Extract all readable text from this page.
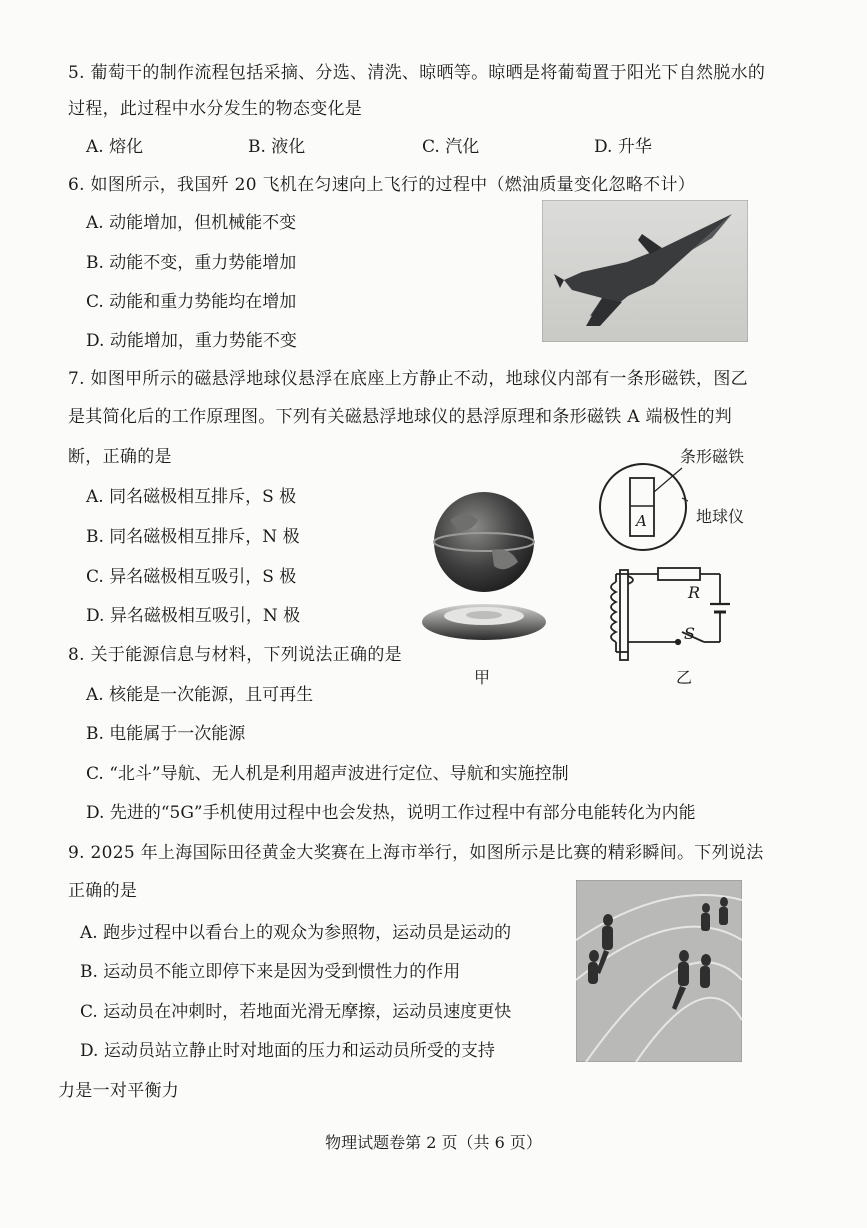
5. 葡萄干的制作流程包括采摘、分选、清洗、晾晒等。晾晒是将葡萄置于阳光下自然脱水的
过程，此过程中水分发生的物态变化是
A. 熔化	B. 液化	C. 汽化	D. 升华
6. 如图所示，我国歼 20 飞机在匀速向上飞行的过程中（燃油质量变化忽略不计）
A. 动能增加，但机械能不变
B. 动能不变，重力势能增加
C. 动能和重力势能均在增加
D. 动能增加，重力势能不变
7. 如图甲所示的磁悬浮地球仪悬浮在底座上方静止不动，地球仪内部有一条形磁铁，图乙
是其简化后的工作原理图。下列有关磁悬浮地球仪的悬浮原理和条形磁铁 A 端极性的判
断，正确的是
A. 同名磁极相互排斥，S 极
B. 同名磁极相互排斥，N 极
C. 异名磁极相互吸引，S 极
D. 异名磁极相互吸引，N 极
甲
A
条形磁铁
地球仪
R
S
乙
8. 关于能源信息与材料，下列说法正确的是
A. 核能是一次能源，且可再生
B. 电能属于一次能源
C. “北斗”导航、无人机是利用超声波进行定位、导航和实施控制
D. 先进的“5G”手机使用过程中也会发热，说明工作过程中有部分电能转化为内能
9. 2025 年上海国际田径黄金大奖赛在上海市举行，如图所示是比赛的精彩瞬间。下列说法
正确的是
A. 跑步过程中以看台上的观众为参照物，运动员是运动的
B. 运动员不能立即停下来是因为受到惯性力的作用
C. 运动员在冲刺时，若地面光滑无摩擦，运动员速度更快
D. 运动员站立静止时对地面的压力和运动员所受的支持
力是一对平衡力
物理试题卷第 2 页（共 6 页）
